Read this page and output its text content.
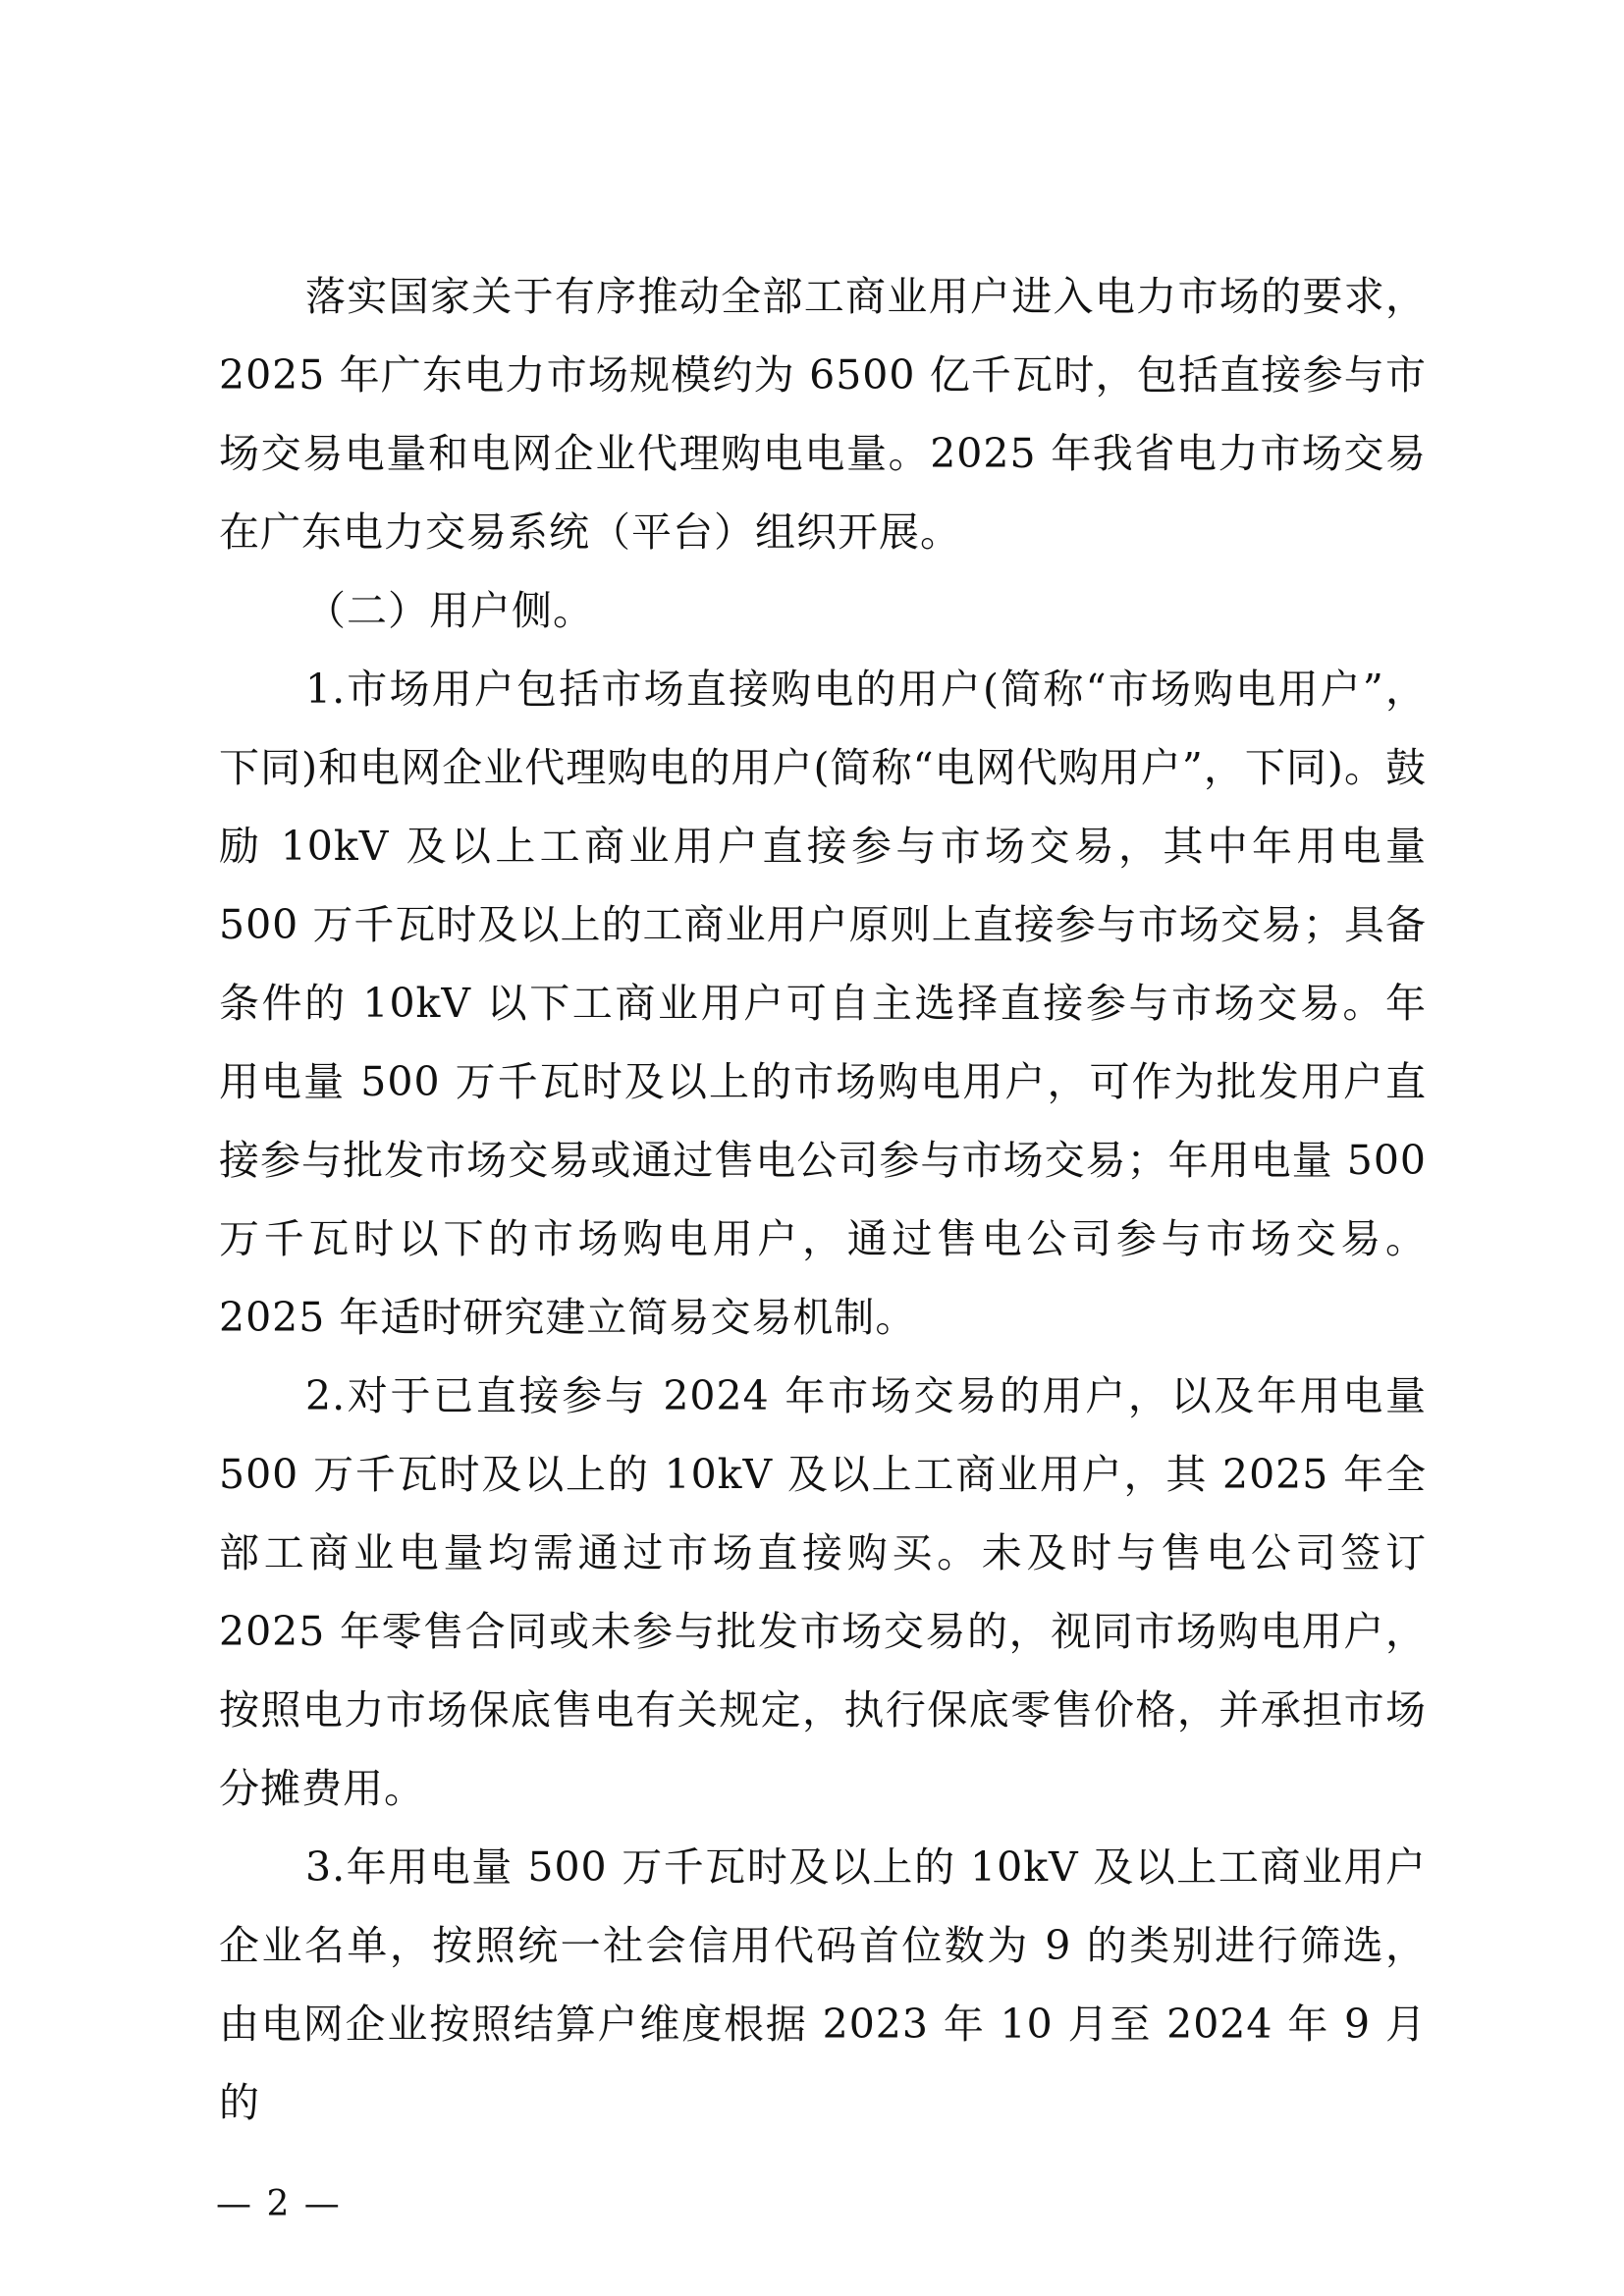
落实国家关于有序推动全部工商业用户进入电力市场的要求，2025 年广东电力市场规模约为 6500 亿千瓦时，包括直接参与市场交易电量和电网企业代理购电电量。2025 年我省电力市场交易在广东电力交易系统（平台）组织开展。

（二）用户侧。

1.市场用户包括市场直接购电的用户(简称“市场购电用户”，下同)和电网企业代理购电的用户(简称“电网代购用户”，下同)。鼓励 10kV 及以上工商业用户直接参与市场交易，其中年用电量 500 万千瓦时及以上的工商业用户原则上直接参与市场交易；具备条件的 10kV 以下工商业用户可自主选择直接参与市场交易。年用电量 500 万千瓦时及以上的市场购电用户，可作为批发用户直接参与批发市场交易或通过售电公司参与市场交易；年用电量 500 万千瓦时以下的市场购电用户，通过售电公司参与市场交易。2025 年适时研究建立简易交易机制。

2.对于已直接参与 2024 年市场交易的用户，以及年用电量 500 万千瓦时及以上的 10kV 及以上工商业用户，其 2025 年全部工商业电量均需通过市场直接购买。未及时与售电公司签订 2025 年零售合同或未参与批发市场交易的，视同市场购电用户，按照电力市场保底售电有关规定，执行保底零售价格，并承担市场分摊费用。

3.年用电量 500 万千瓦时及以上的 10kV 及以上工商业用户企业名单，按照统一社会信用代码首位数为 9 的类别进行筛选，由电网企业按照结算户维度根据 2023 年 10 月至 2024 年 9 月的

— 2 —
